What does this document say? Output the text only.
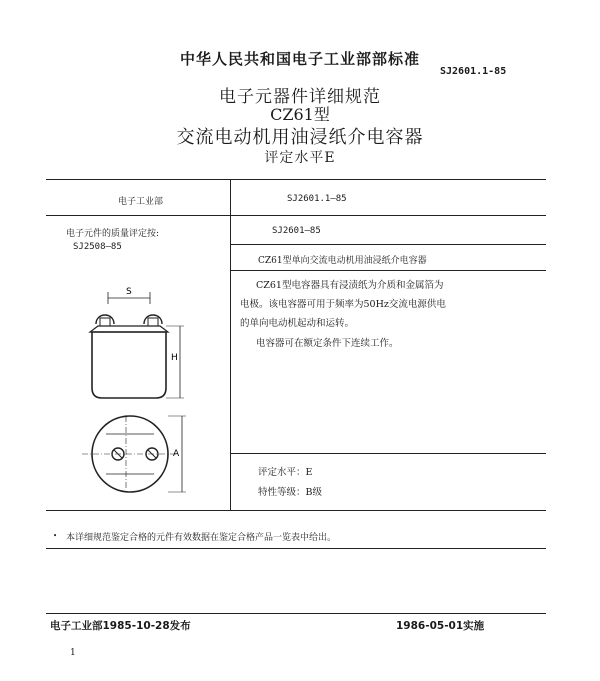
中华人民共和国电子工业部部标准
SJ2601.1-85
电子元器件详细规范
CZ61型
交流电动机用油浸纸介电容器
评定水平E
电子工业部	SJ2601.1—85
电子元件的质量评定按:
SJ2508—85
SJ2601—85
CZ61型单向交流电动机用油浸纸介电容器
CZ61型电容器具有浸渍纸为介质和金属箔为
电极。该电容器可用于频率为50Hz交流电源供电
的单向电动机起动和运转。
电容器可在额定条件下连续工作。
评定水平：E
特性等级：B级
S
H
A
• 本详细规范鉴定合格的元件有效数据在鉴定合格产品一览表中给出。
电子工业部1985-10-28发布	1986-05-01实施
1
